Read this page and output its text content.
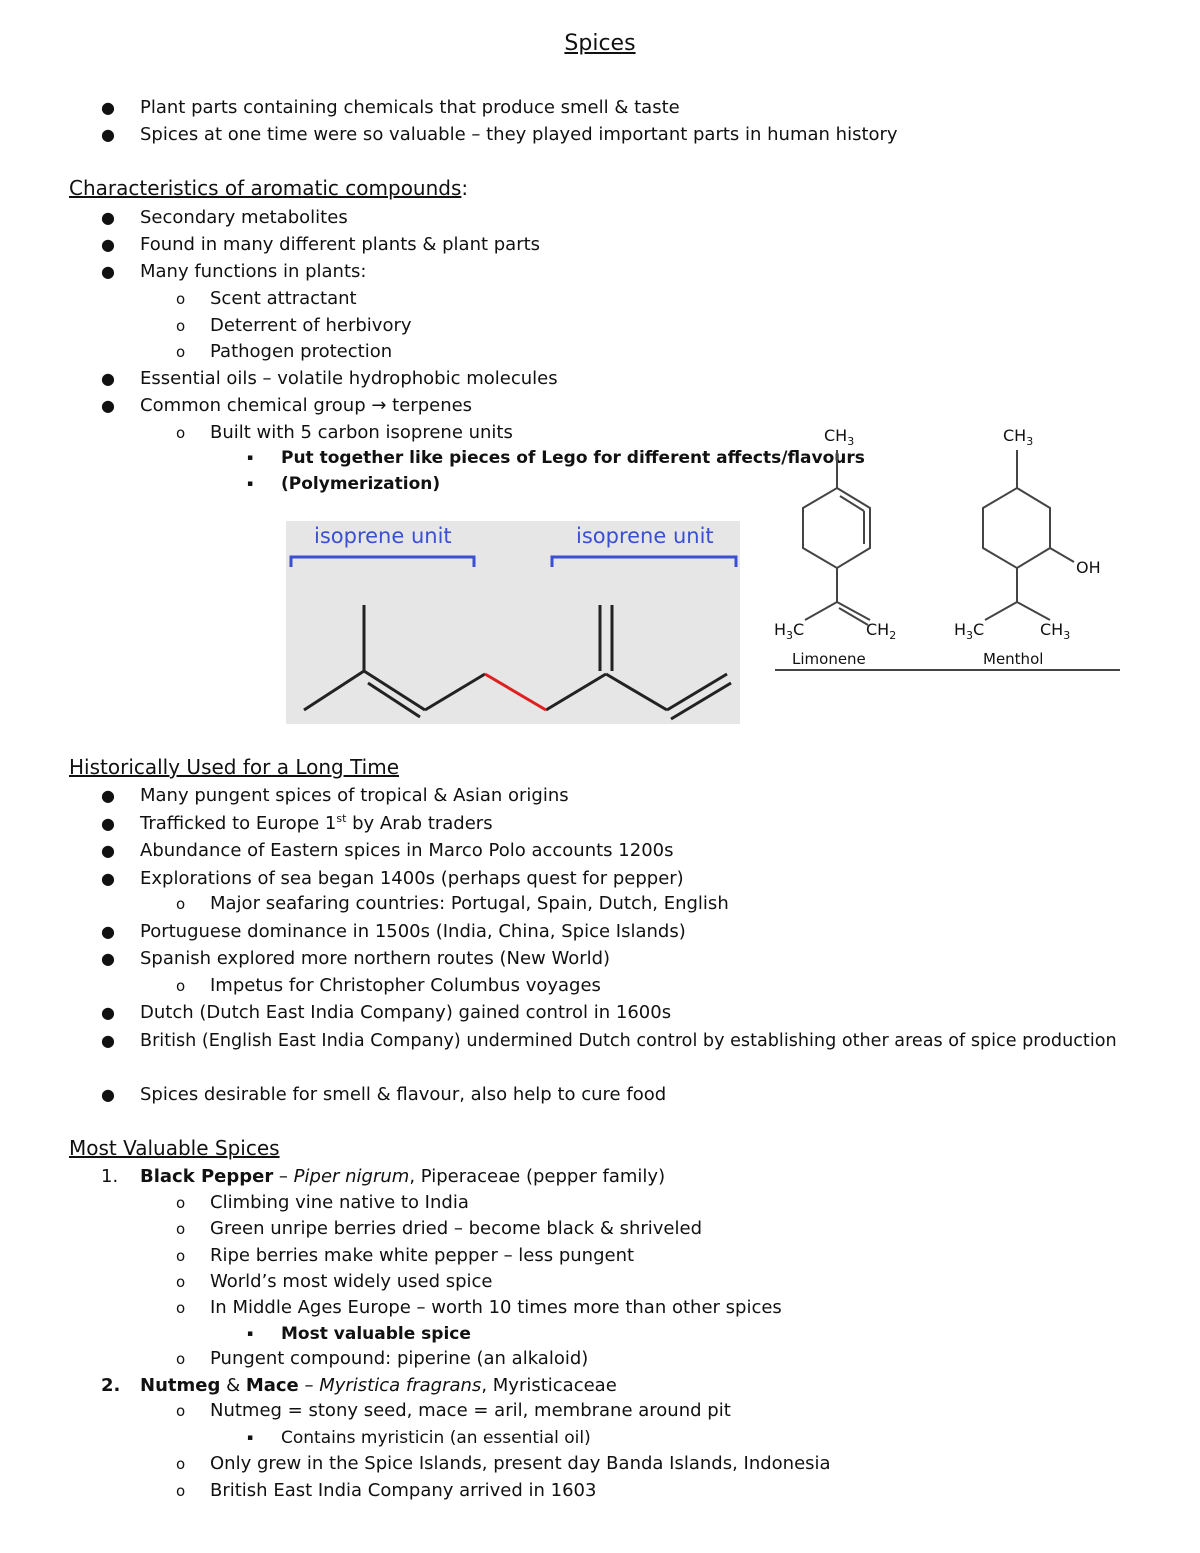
Spices
● Plant parts containing chemicals that produce smell & taste
● Spices at one time were so valuable – they played important parts in human history
Characteristics of aromatic compounds:
● Secondary metabolites
● Found in many different plants & plant parts
● Many functions in plants:
o Scent attractant
o Deterrent of herbivory
o Pathogen protection
● Essential oils – volatile hydrophobic molecules
● Common chemical group → terpenes
o Built with 5 carbon isoprene units
▪ Put together like pieces of Lego for different affects/flavours
▪ (Polymerization)
isoprene unit	isoprene unit
$CH_3$
$H_3C$	$CH_2$
Limonene
$CH_3$
OH
$H_3C$	$CH_3$
Menthol
Historically Used for a Long Time
● Many pungent spices of tropical & Asian origins
● Trafficked to Europe 1st by Arab traders
● Abundance of Eastern spices in Marco Polo accounts 1200s
● Explorations of sea began 1400s (perhaps quest for pepper)
o Major seafaring countries: Portugal, Spain, Dutch, English
● Portuguese dominance in 1500s (India, China, Spice Islands)
● Spanish explored more northern routes (New World)
o Impetus for Christopher Columbus voyages
● Dutch (Dutch East India Company) gained control in 1600s
● British (English East India Company) undermined Dutch control by establishing other areas of spice production
● Spices desirable for smell & flavour, also help to cure food
Most Valuable Spices
1. Black Pepper – Piper nigrum, Piperaceae (pepper family)
o Climbing vine native to India
o Green unripe berries dried – become black & shriveled
o Ripe berries make white pepper – less pungent
o World’s most widely used spice
o In Middle Ages Europe – worth 10 times more than other spices
▪ Most valuable spice
o Pungent compound: piperine (an alkaloid)
2. Nutmeg & Mace – Myristica fragrans, Myristicaceae
o Nutmeg = stony seed, mace = aril, membrane around pit
▪ Contains myristicin (an essential oil)
o Only grew in the Spice Islands, present day Banda Islands, Indonesia
o British East India Company arrived in 1603
